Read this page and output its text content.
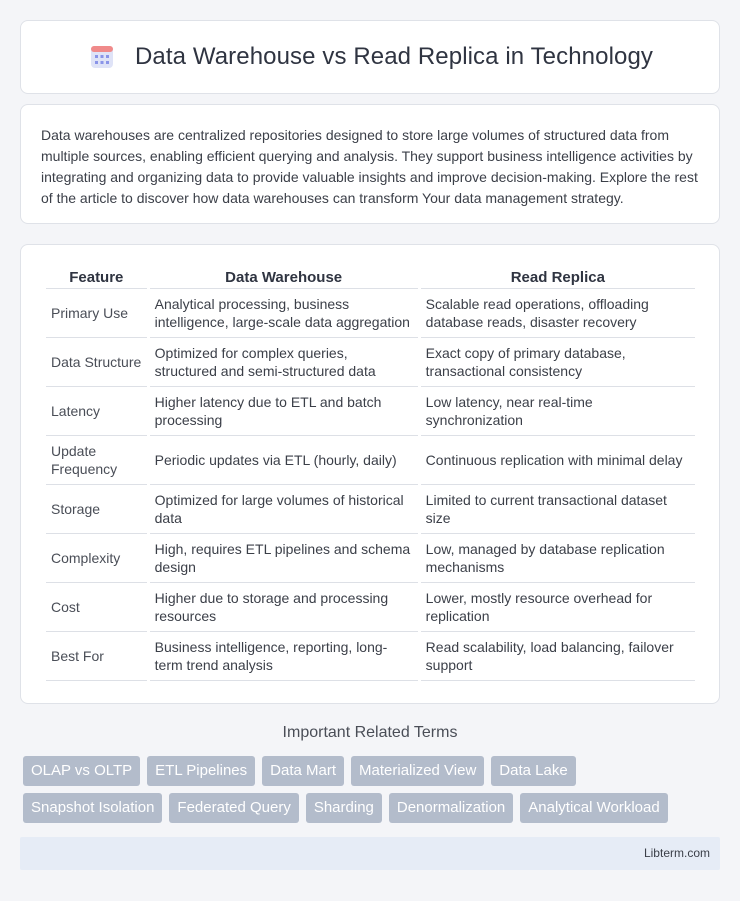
Data Warehouse vs Read Replica in Technology

Data warehouses are centralized repositories designed to store large volumes of structured data from multiple sources, enabling efficient querying and analysis. They support business intelligence activities by integrating and organizing data to provide valuable insights and improve decision-making. Explore the rest of the article to discover how data warehouses can transform Your data management strategy.

Feature	Data Warehouse	Read Replica
Primary Use	Analytical processing, business intelligence, large-scale data aggregation	Scalable read operations, offloading database reads, disaster recovery
Data Structure	Optimized for complex queries, structured and semi-structured data	Exact copy of primary database, transactional consistency
Latency	Higher latency due to ETL and batch processing	Low latency, near real-time synchronization
Update Frequency	Periodic updates via ETL (hourly, daily)	Continuous replication with minimal delay
Storage	Optimized for large volumes of historical data	Limited to current transactional dataset size
Complexity	High, requires ETL pipelines and schema design	Low, managed by database replication mechanisms
Cost	Higher due to storage and processing resources	Lower, mostly resource overhead for replication
Best For	Business intelligence, reporting, long-term trend analysis	Read scalability, load balancing, failover support
Important Related Terms
OLAP vs OLTP	ETL Pipelines	Data Mart	Materialized View	Data Lake
Snapshot Isolation	Federated Query	Sharding	Denormalization	Analytical Workload
Libterm.com
